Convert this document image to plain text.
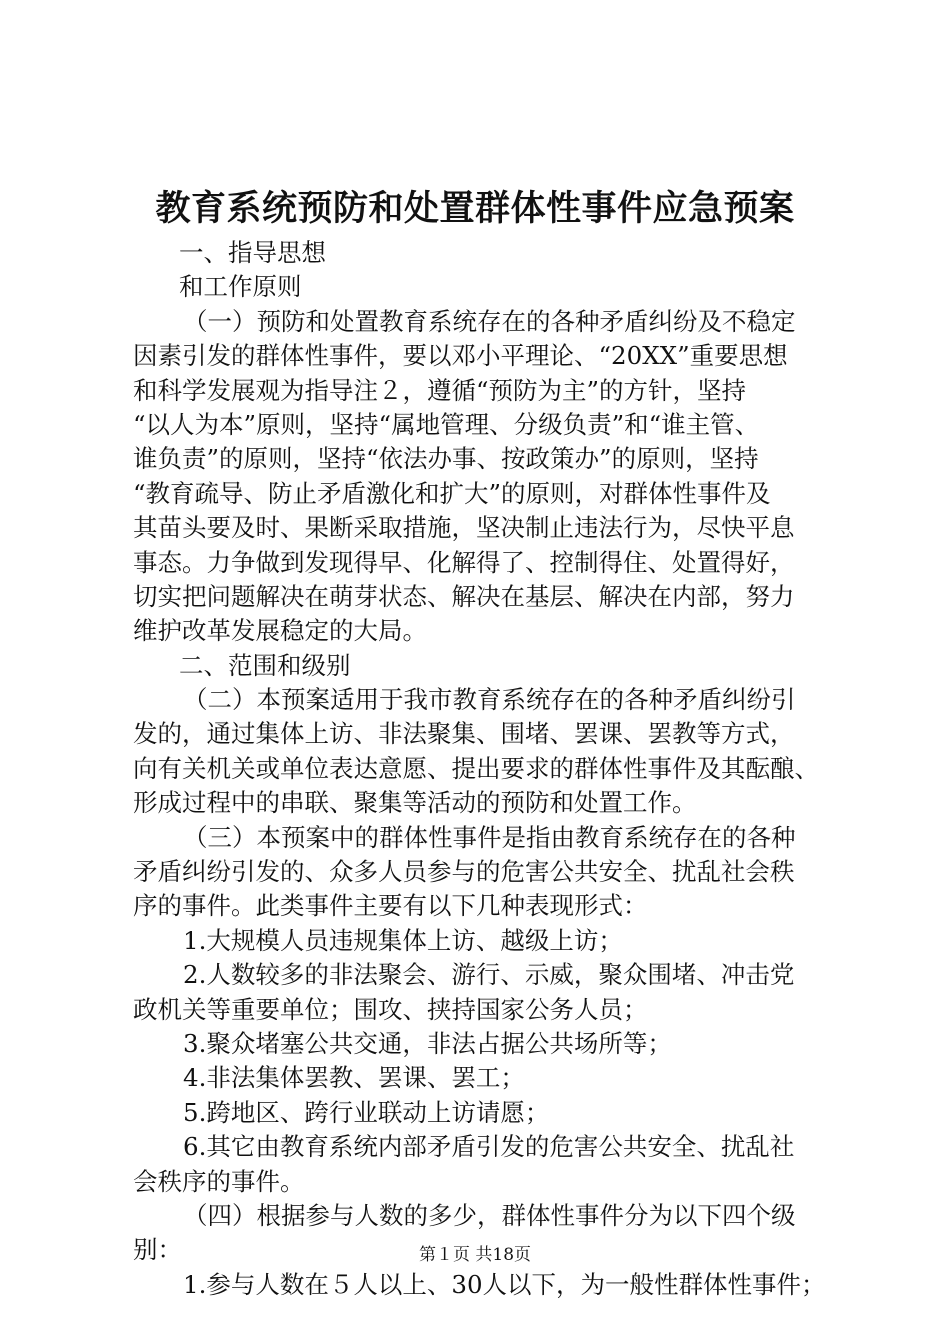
教育系统预防和处置群体性事件应急预案

一、指导思想

和工作原则

（一）预防和处置教育系统存在的各种矛盾纠纷及不稳定

因素引发的群体性事件，要以邓小平理论、“20XX”重要思想

和科学发展观为指导注２，遵循“预防为主”的方针，坚持

“以人为本”原则，坚持“属地管理、分级负责”和“谁主管、

谁负责”的原则，坚持“依法办事、按政策办”的原则，坚持

“教育疏导、防止矛盾激化和扩大”的原则，对群体性事件及

其苗头要及时、果断采取措施，坚决制止违法行为，尽快平息

事态。力争做到发现得早、化解得了、控制得住、处置得好，

切实把问题解决在萌芽状态、解决在基层、解决在内部，努力

维护改革发展稳定的大局。

二、范围和级别

（二）本预案适用于我市教育系统存在的各种矛盾纠纷引

发的，通过集体上访、非法聚集、围堵、罢课、罢教等方式，

向有关机关或单位表达意愿、提出要求的群体性事件及其酝酿、

形成过程中的串联、聚集等活动的预防和处置工作。

（三）本预案中的群体性事件是指由教育系统存在的各种

矛盾纠纷引发的、众多人员参与的危害公共安全、扰乱社会秩

序的事件。此类事件主要有以下几种表现形式：

1.大规模人员违规集体上访、越级上访；

2.人数较多的非法聚会、游行、示威，聚众围堵、冲击党

政机关等重要单位；围攻、挟持国家公务人员；

3.聚众堵塞公共交通，非法占据公共场所等；

4.非法集体罢教、罢课、罢工；

5.跨地区、跨行业联动上访请愿；

6.其它由教育系统内部矛盾引发的危害公共安全、扰乱社

会秩序的事件。

（四）根据参与人数的多少，群体性事件分为以下四个级

别：

1.参与人数在５人以上、30人以下，为一般性群体性事件；

第１页 共18页
